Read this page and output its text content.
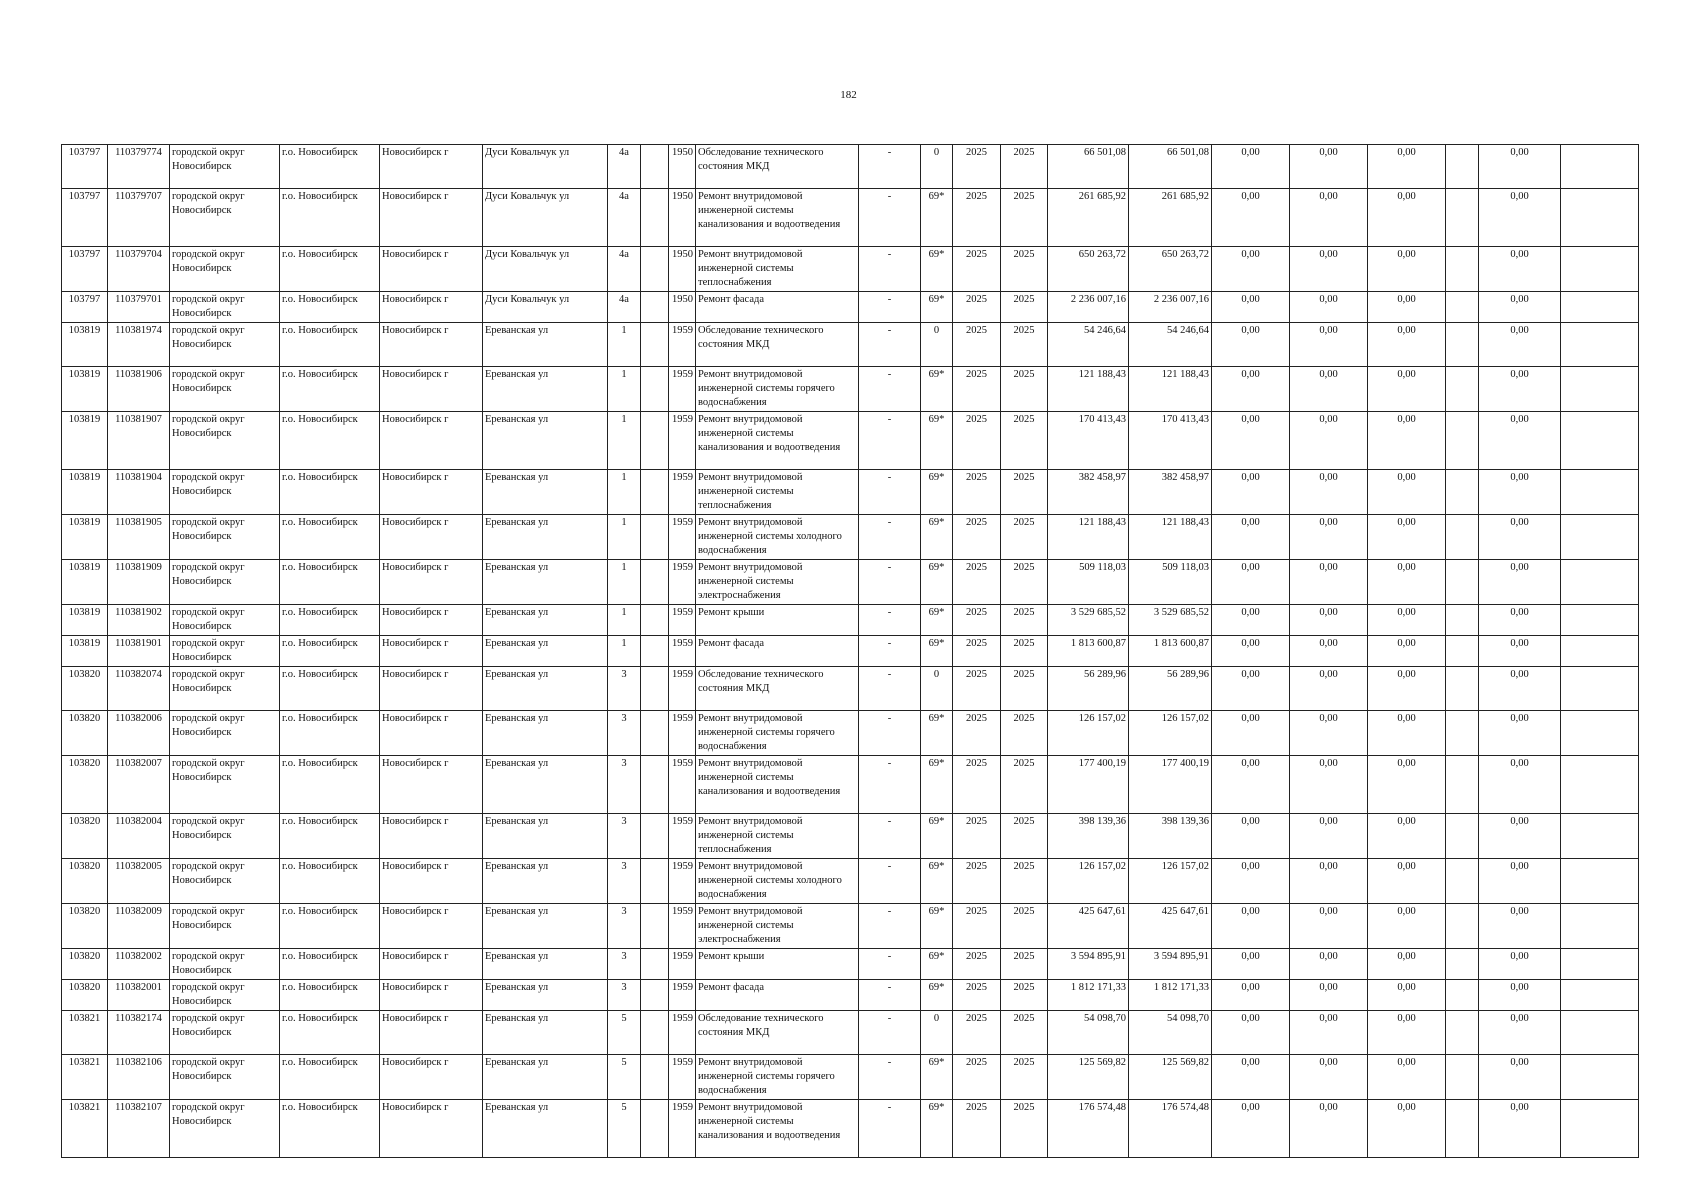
182
103797	110379774	городской округ Новосибирск	г.о. Новосибирск	Новосибирск г	Дуси Ковальчук ул	4а		1950	Обследование технического состояния МКД	-	0	2025	2025	66 501,08	66 501,08	0,00	0,00	0,00		0,00	
103797	110379707	городской округ Новосибирск	г.о. Новосибирск	Новосибирск г	Дуси Ковальчук ул	4а		1950	Ремонт внутридомовой инженерной системы канализования и водоотведения	-	69*	2025	2025	261 685,92	261 685,92	0,00	0,00	0,00		0,00	
103797	110379704	городской округ Новосибирск	г.о. Новосибирск	Новосибирск г	Дуси Ковальчук ул	4а		1950	Ремонт внутридомовой инженерной системы теплоснабжения	-	69*	2025	2025	650 263,72	650 263,72	0,00	0,00	0,00		0,00	
103797	110379701	городской округ Новосибирск	г.о. Новосибирск	Новосибирск г	Дуси Ковальчук ул	4а		1950	Ремонт фасада	-	69*	2025	2025	2 236 007,16	2 236 007,16	0,00	0,00	0,00		0,00	
103819	110381974	городской округ Новосибирск	г.о. Новосибирск	Новосибирск г	Ереванская ул	1		1959	Обследование технического состояния МКД	-	0	2025	2025	54 246,64	54 246,64	0,00	0,00	0,00		0,00	
103819	110381906	городской округ Новосибирск	г.о. Новосибирск	Новосибирск г	Ереванская ул	1		1959	Ремонт внутридомовой инженерной системы горячего водоснабжения	-	69*	2025	2025	121 188,43	121 188,43	0,00	0,00	0,00		0,00	
103819	110381907	городской округ Новосибирск	г.о. Новосибирск	Новосибирск г	Ереванская ул	1		1959	Ремонт внутридомовой инженерной системы канализования и водоотведения	-	69*	2025	2025	170 413,43	170 413,43	0,00	0,00	0,00		0,00	
103819	110381904	городской округ Новосибирск	г.о. Новосибирск	Новосибирск г	Ереванская ул	1		1959	Ремонт внутридомовой инженерной системы теплоснабжения	-	69*	2025	2025	382 458,97	382 458,97	0,00	0,00	0,00		0,00	
103819	110381905	городской округ Новосибирск	г.о. Новосибирск	Новосибирск г	Ереванская ул	1		1959	Ремонт внутридомовой инженерной системы холодного водоснабжения	-	69*	2025	2025	121 188,43	121 188,43	0,00	0,00	0,00		0,00	
103819	110381909	городской округ Новосибирск	г.о. Новосибирск	Новосибирск г	Ереванская ул	1		1959	Ремонт внутридомовой инженерной системы электроснабжения	-	69*	2025	2025	509 118,03	509 118,03	0,00	0,00	0,00		0,00	
103819	110381902	городской округ Новосибирск	г.о. Новосибирск	Новосибирск г	Ереванская ул	1		1959	Ремонт крыши	-	69*	2025	2025	3 529 685,52	3 529 685,52	0,00	0,00	0,00		0,00	
103819	110381901	городской округ Новосибирск	г.о. Новосибирск	Новосибирск г	Ереванская ул	1		1959	Ремонт фасада	-	69*	2025	2025	1 813 600,87	1 813 600,87	0,00	0,00	0,00		0,00	
103820	110382074	городской округ Новосибирск	г.о. Новосибирск	Новосибирск г	Ереванская ул	3		1959	Обследование технического состояния МКД	-	0	2025	2025	56 289,96	56 289,96	0,00	0,00	0,00		0,00	
103820	110382006	городской округ Новосибирск	г.о. Новосибирск	Новосибирск г	Ереванская ул	3		1959	Ремонт внутридомовой инженерной системы горячего водоснабжения	-	69*	2025	2025	126 157,02	126 157,02	0,00	0,00	0,00		0,00	
103820	110382007	городской округ Новосибирск	г.о. Новосибирск	Новосибирск г	Ереванская ул	3		1959	Ремонт внутридомовой инженерной системы канализования и водоотведения	-	69*	2025	2025	177 400,19	177 400,19	0,00	0,00	0,00		0,00	
103820	110382004	городской округ Новосибирск	г.о. Новосибирск	Новосибирск г	Ереванская ул	3		1959	Ремонт внутридомовой инженерной системы теплоснабжения	-	69*	2025	2025	398 139,36	398 139,36	0,00	0,00	0,00		0,00	
103820	110382005	городской округ Новосибирск	г.о. Новосибирск	Новосибирск г	Ереванская ул	3		1959	Ремонт внутридомовой инженерной системы холодного водоснабжения	-	69*	2025	2025	126 157,02	126 157,02	0,00	0,00	0,00		0,00	
103820	110382009	городской округ Новосибирск	г.о. Новосибирск	Новосибирск г	Ереванская ул	3		1959	Ремонт внутридомовой инженерной системы электроснабжения	-	69*	2025	2025	425 647,61	425 647,61	0,00	0,00	0,00		0,00	
103820	110382002	городской округ Новосибирск	г.о. Новосибирск	Новосибирск г	Ереванская ул	3		1959	Ремонт крыши	-	69*	2025	2025	3 594 895,91	3 594 895,91	0,00	0,00	0,00		0,00	
103820	110382001	городской округ Новосибирск	г.о. Новосибирск	Новосибирск г	Ереванская ул	3		1959	Ремонт фасада	-	69*	2025	2025	1 812 171,33	1 812 171,33	0,00	0,00	0,00		0,00	
103821	110382174	городской округ Новосибирск	г.о. Новосибирск	Новосибирск г	Ереванская ул	5		1959	Обследование технического состояния МКД	-	0	2025	2025	54 098,70	54 098,70	0,00	0,00	0,00		0,00	
103821	110382106	городской округ Новосибирск	г.о. Новосибирск	Новосибирск г	Ереванская ул	5		1959	Ремонт внутридомовой инженерной системы горячего водоснабжения	-	69*	2025	2025	125 569,82	125 569,82	0,00	0,00	0,00		0,00	
103821	110382107	городской округ Новосибирск	г.о. Новосибирск	Новосибирск г	Ереванская ул	5		1959	Ремонт внутридомовой инженерной системы канализования и водоотведения	-	69*	2025	2025	176 574,48	176 574,48	0,00	0,00	0,00		0,00	
